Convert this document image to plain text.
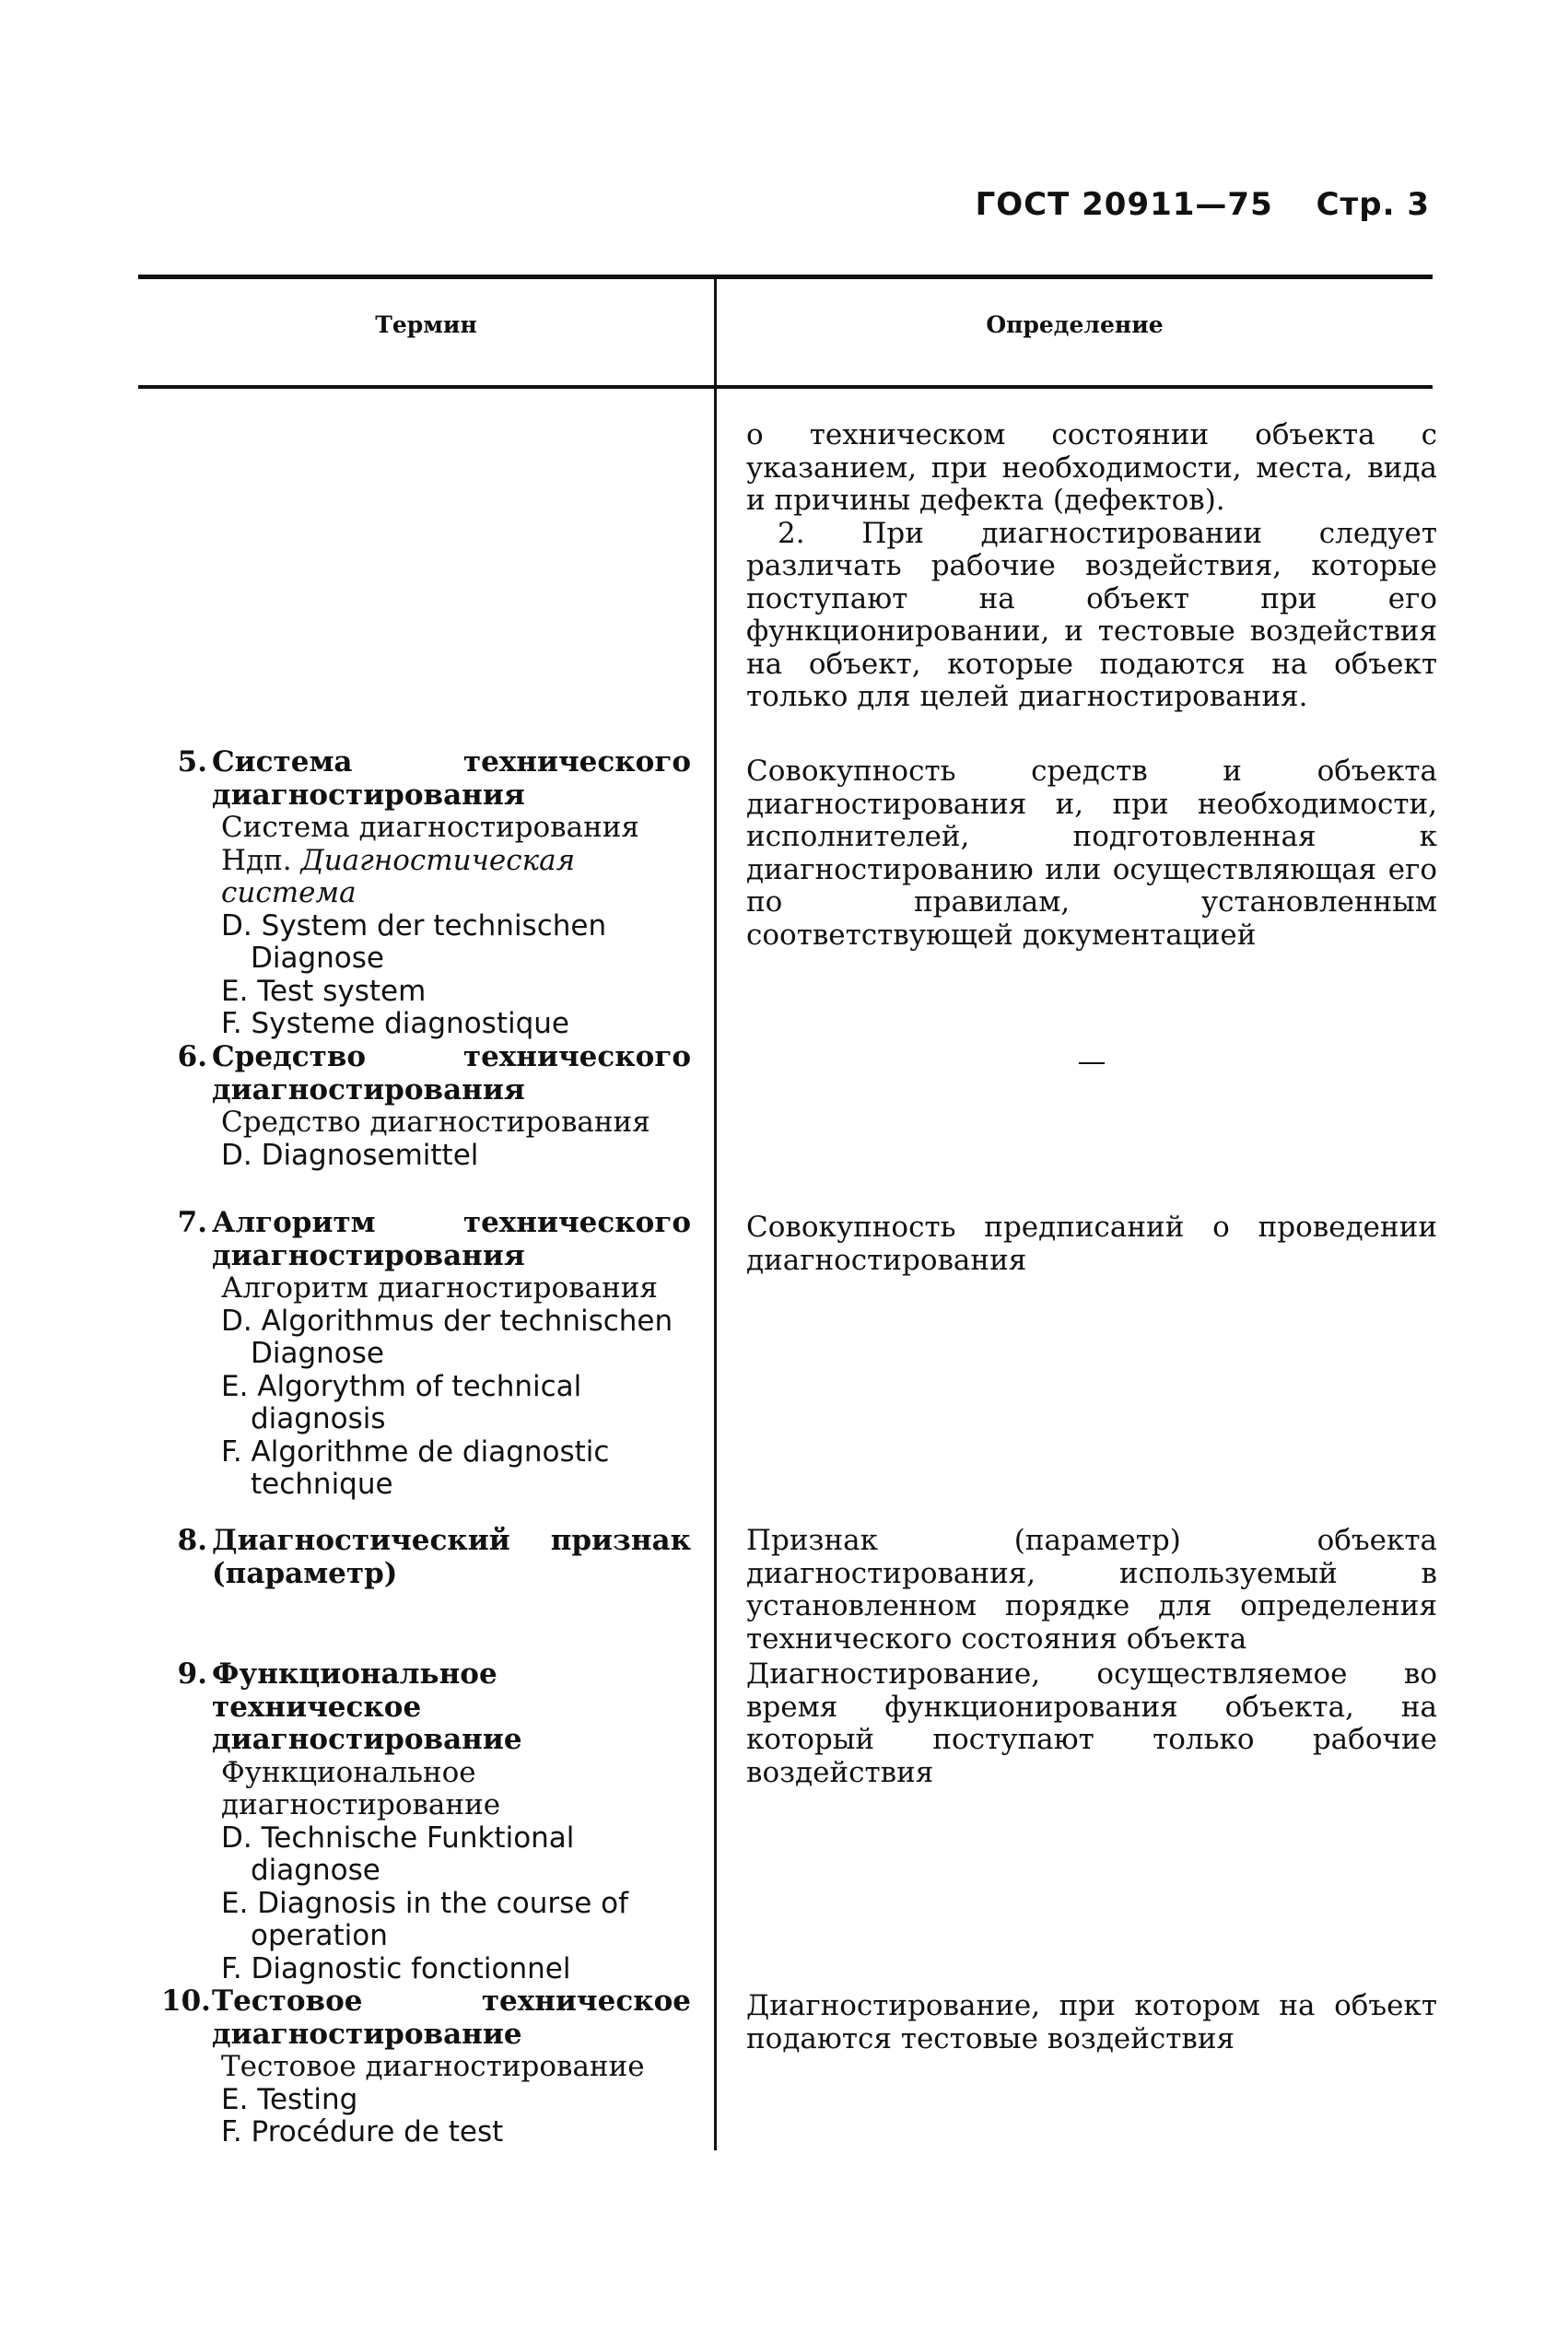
ГОСТ 20911—75 Стр. 3
Термин	Определение
о техническом состоянии объекта с указанием, при необходимости, места, вида и причины дефекта (дефектов).
2. При диагностировании следует различать рабочие воздействия, которые поступают на объект при его функционировании, и тестовые воздействия на объект, которые подаются на объект только для целей диагностирования.
5. Система технического диагностирования
Система диагностирования
Ндп. Диагностическая система
D. System der technischen Diagnose
E. Test system
F. Systeme diagnostique
Совокупность средств и объекта диагностирования и, при необходимости, исполнителей, подготовленная к диагностированию или осуществляющая его по правилам, установленным соответствующей документацией
6. Средство технического диагностирования
Средство диагностирования
D. Diagnosemittel
—
7. Алгоритм технического диагностирования
Алгоритм диагностирования
D. Algorithmus der technischen Diagnose
E. Algorythm of technical diagnosis
F. Algorithme de diagnostic technique
Совокупность предписаний о проведении диагностирования
8. Диагностический признак (параметр)
Признак (параметр) объекта диагностирования, используемый в установленном порядке для определения технического состояния объекта
9. Функциональное техническое диагностирование
Функциональное диагностирование
D. Technische Funktional diagnose
E. Diagnosis in the course of operation
F. Diagnostic fonctionnel
Диагностирование, осуществляемое во время функционирования объекта, на который поступают только рабочие воздействия
10. Тестовое техническое диагностирование
Тестовое диагностирование
E. Testing
F. Procédure de test
Диагностирование, при котором на объект подаются тестовые воздействия
